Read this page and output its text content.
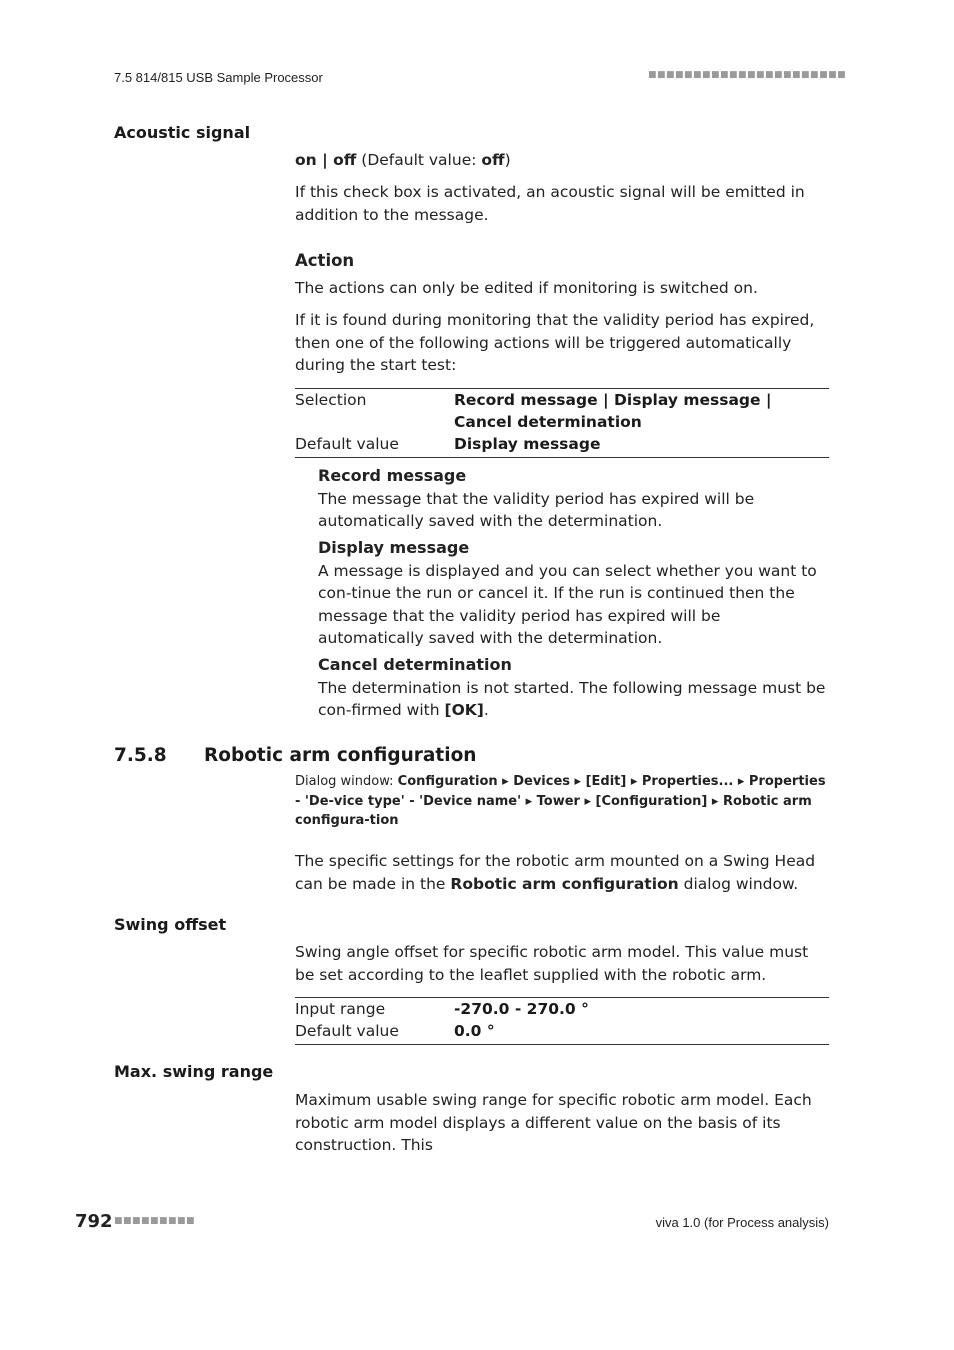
7.5 814/815 USB Sample Processor	■■■■■■■■■■■■■■■■■■■■■■
Acoustic signal

on | off (Default value: off)

If this check box is activated, an acoustic signal will be emitted in addition to the message.

Action
The actions can only be edited if monitoring is switched on.
If it is found during monitoring that the validity period has expired, then one of the following actions will be triggered automatically during the start test:
Selection	Record message | Display message | Cancel determination
Default value	Display message
Record message
The message that the validity period has expired will be automatically saved with the determination.
Display message
A message is displayed and you can select whether you want to con-tinue the run or cancel it. If the run is continued then the message that the validity period has expired will be automatically saved with the determination.
Cancel determination
The determination is not started. The following message must be con-firmed with [OK].
7.5.8 Robotic arm configuration
Dialog window: Configuration ▸ Devices ▸ [Edit] ▸ Properties... ▸ Properties - 'De-vice type' - 'Device name' ▸ Tower ▸ [Configuration] ▸ Robotic arm configura-tion
The specific settings for the robotic arm mounted on a Swing Head can be made in the Robotic arm configuration dialog window.
Swing offset
Swing angle offset for specific robotic arm model. This value must be set according to the leaflet supplied with the robotic arm.
Input range	-270.0 - 270.0 °
Default value	0.0 °
Max. swing range
Maximum usable swing range for specific robotic arm model. Each robotic arm model displays a different value on the basis of its construction. This
792 ■■■■■■■■■	viva 1.0 (for Process analysis)
